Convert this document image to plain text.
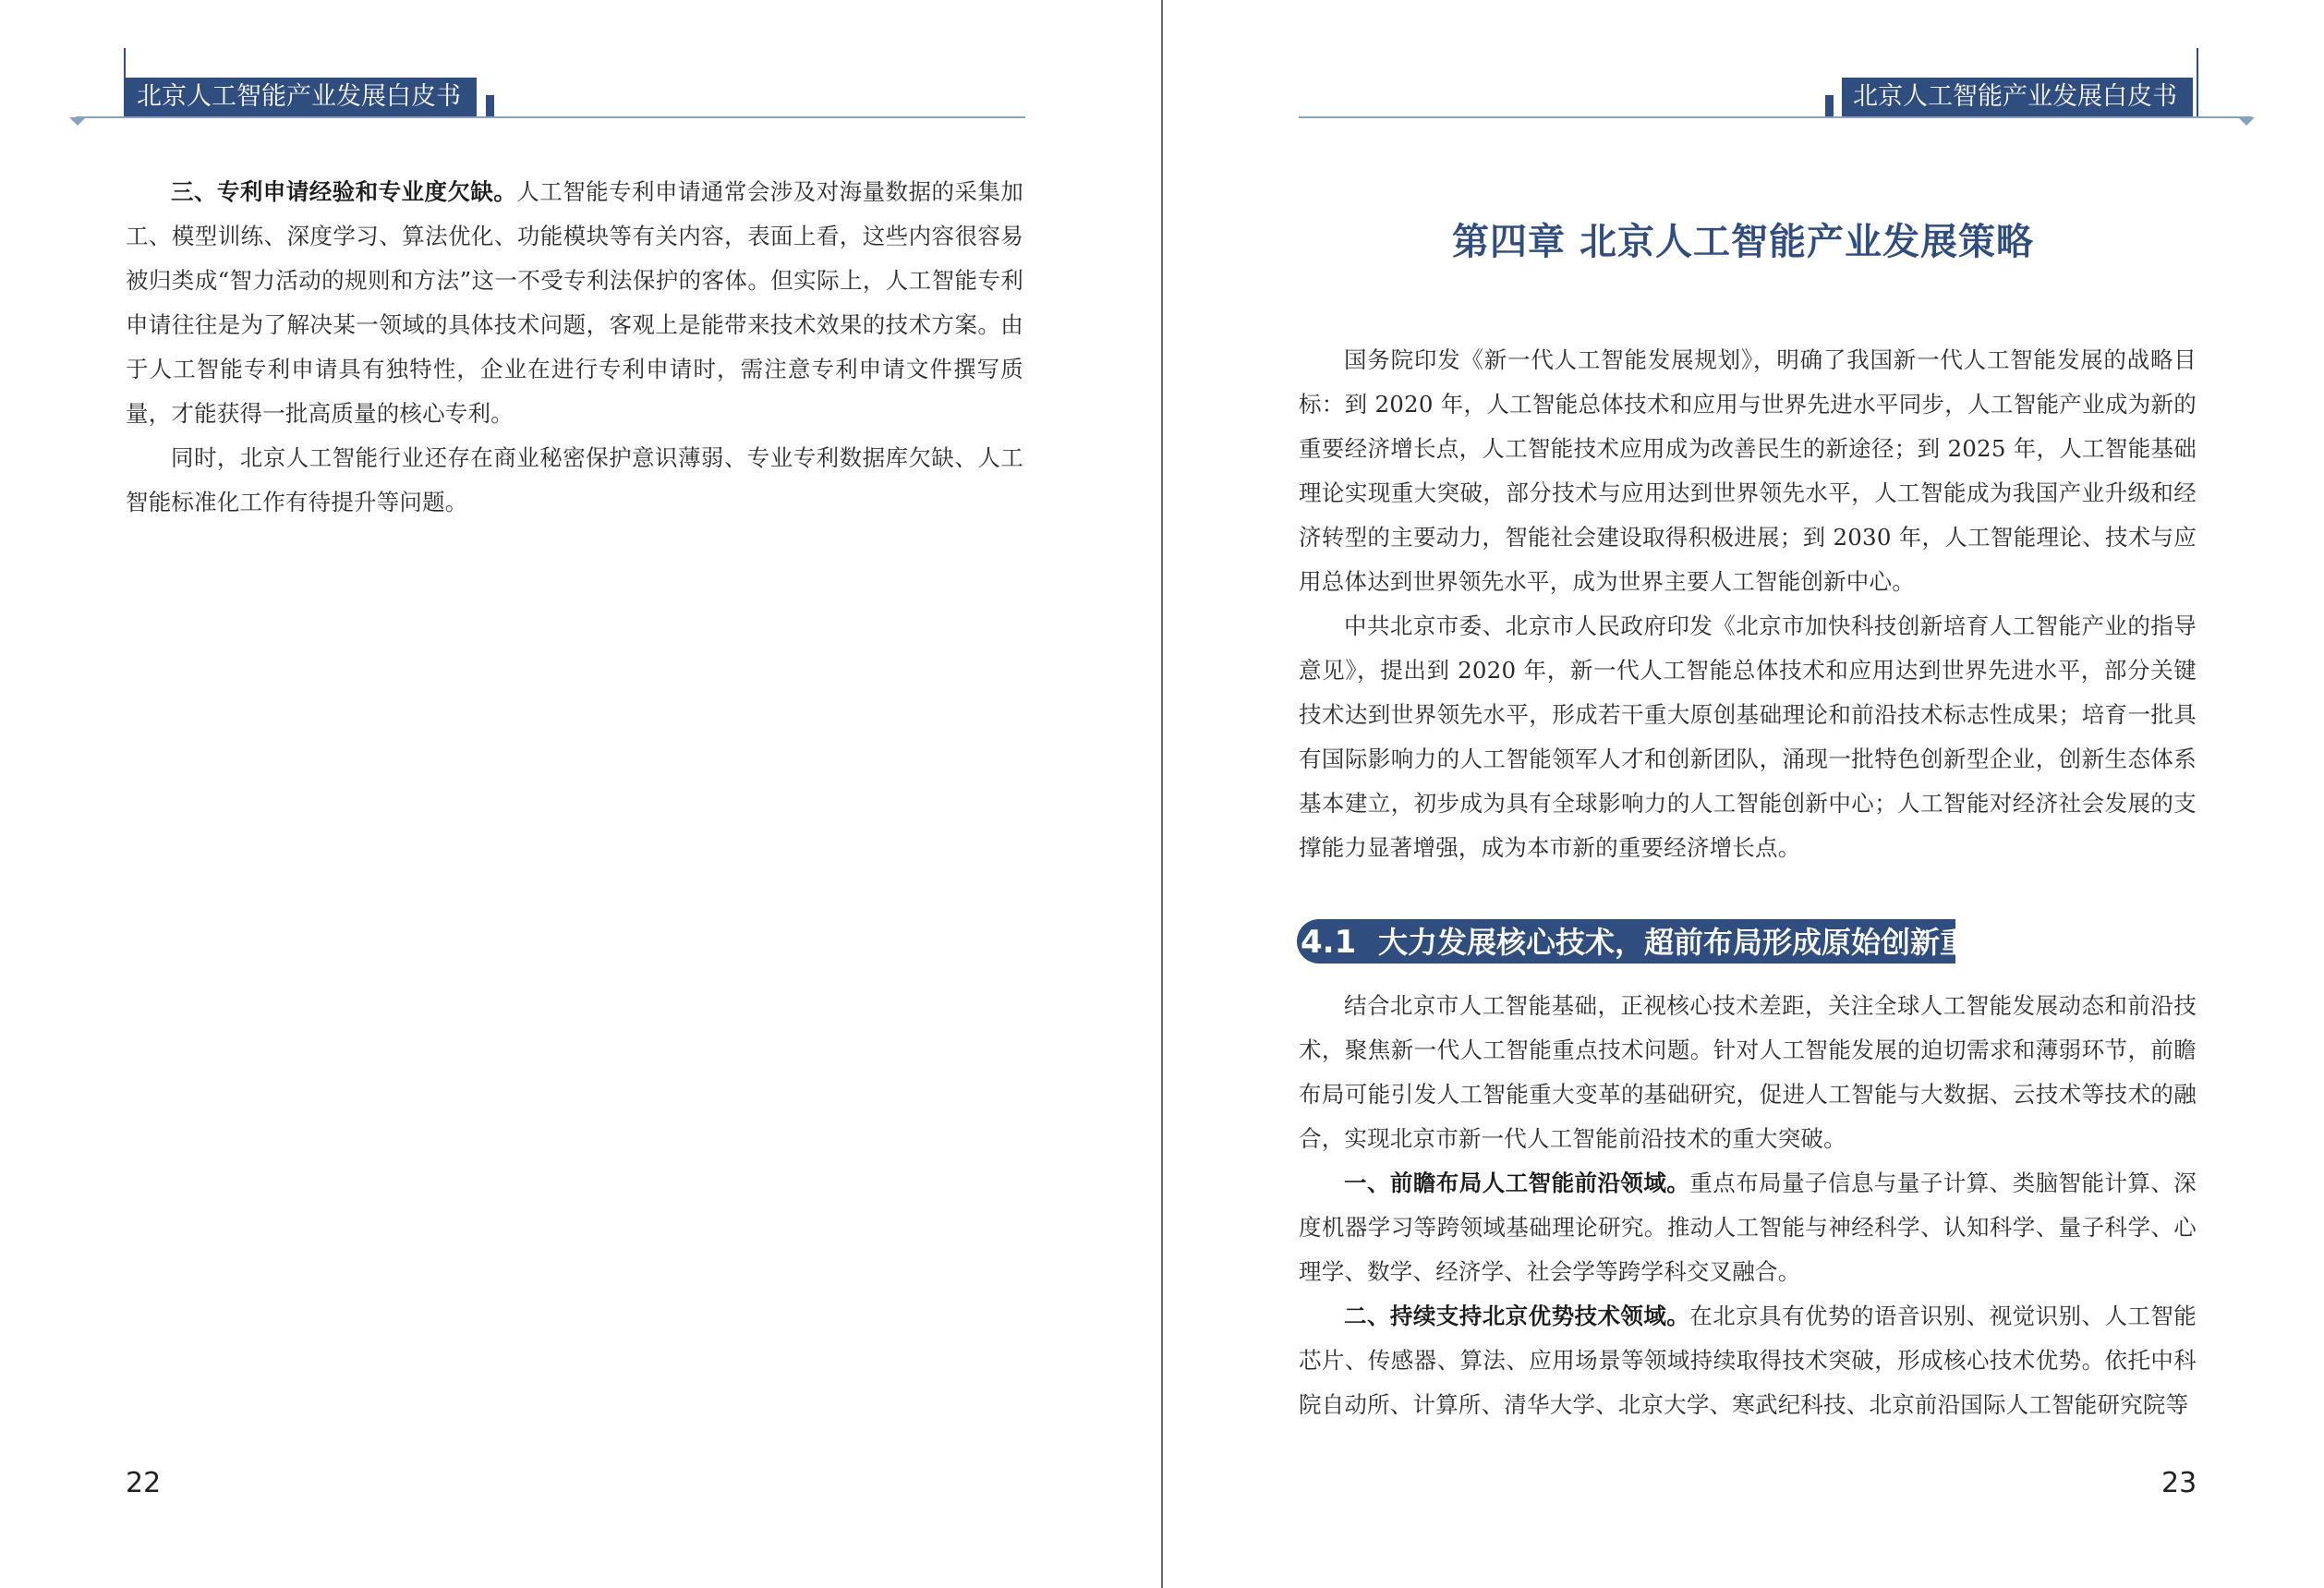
北京人工智能产业发展白皮书

三、专利申请经验和专业度欠缺。人工智能专利申请通常会涉及对海量数据的采集加工、模型训练、深度学习、算法优化、功能模块等有关内容，表面上看，这些内容很容易被归类成“智力活动的规则和方法”这一不受专利法保护的客体。但实际上，人工智能专利申请往往是为了解决某一领域的具体技术问题，客观上是能带来技术效果的技术方案。由于人工智能专利申请具有独特性，企业在进行专利申请时，需注意专利申请文件撰写质量，才能获得一批高质量的核心专利。

同时，北京人工智能行业还存在商业秘密保护意识薄弱、专业专利数据库欠缺、人工智能标准化工作有待提升等问题。

22
北京人工智能产业发展白皮书
第四章 北京人工智能产业发展策略

国务院印发《新一代人工智能发展规划》，明确了我国新一代人工智能发展的战略目标：到 2020 年，人工智能总体技术和应用与世界先进水平同步，人工智能产业成为新的重要经济增长点，人工智能技术应用成为改善民生的新途径；到 2025 年，人工智能基础理论实现重大突破，部分技术与应用达到世界领先水平，人工智能成为我国产业升级和经济转型的主要动力，智能社会建设取得积极进展；到 2030 年，人工智能理论、技术与应用总体达到世界领先水平，成为世界主要人工智能创新中心。

中共北京市委、北京市人民政府印发《北京市加快科技创新培育人工智能产业的指导意见》，提出到 2020 年，新一代人工智能总体技术和应用达到世界先进水平，部分关键技术达到世界领先水平，形成若干重大原创基础理论和前沿技术标志性成果；培育一批具有国际影响力的人工智能领军人才和创新团队，涌现一批特色创新型企业，创新生态体系基本建立，初步成为具有全球影响力的人工智能创新中心；人工智能对经济社会发展的支撑能力显著增强，成为本市新的重要经济增长点。

4.1 大力发展核心技术，超前布局形成原始创新重大突破

结合北京市人工智能基础，正视核心技术差距，关注全球人工智能发展动态和前沿技术，聚焦新一代人工智能重点技术问题。针对人工智能发展的迫切需求和薄弱环节，前瞻布局可能引发人工智能重大变革的基础研究，促进人工智能与大数据、云技术等技术的融合，实现北京市新一代人工智能前沿技术的重大突破。

一、前瞻布局人工智能前沿领域。重点布局量子信息与量子计算、类脑智能计算、深度机器学习等跨领域基础理论研究。推动人工智能与神经科学、认知科学、量子科学、心理学、数学、经济学、社会学等跨学科交叉融合。

二、持续支持北京优势技术领域。在北京具有优势的语音识别、视觉识别、人工智能芯片、传感器、算法、应用场景等领域持续取得技术突破，形成核心技术优势。依托中科院自动所、计算所、清华大学、北京大学、寒武纪科技、北京前沿国际人工智能研究院等

23
